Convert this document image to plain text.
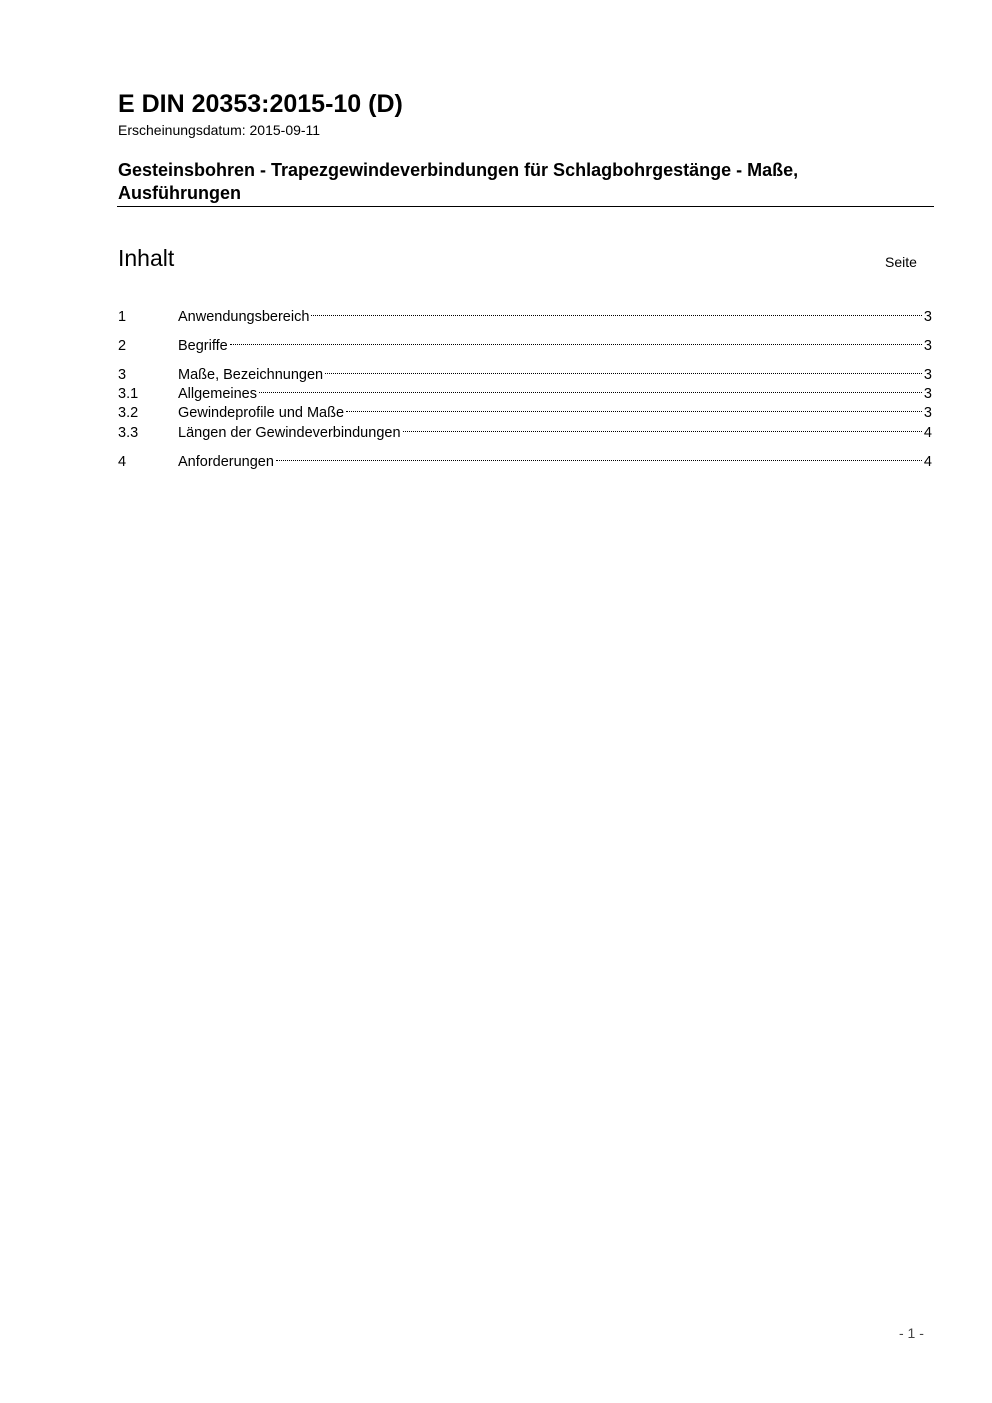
E DIN 20353:2015-10 (D)
Erscheinungsdatum: 2015-09-11
Gesteinsbohren - Trapezgewindeverbindungen für Schlagbohrgestänge - Maße, Ausführungen
Inhalt	Seite
1	Anwendungsbereich	3
2	Begriffe	3
3	Maße, Bezeichnungen	3
3.1	Allgemeines	3
3.2	Gewindeprofile und Maße	3
3.3	Längen der Gewindeverbindungen	4
4	Anforderungen	4
- 1 -
